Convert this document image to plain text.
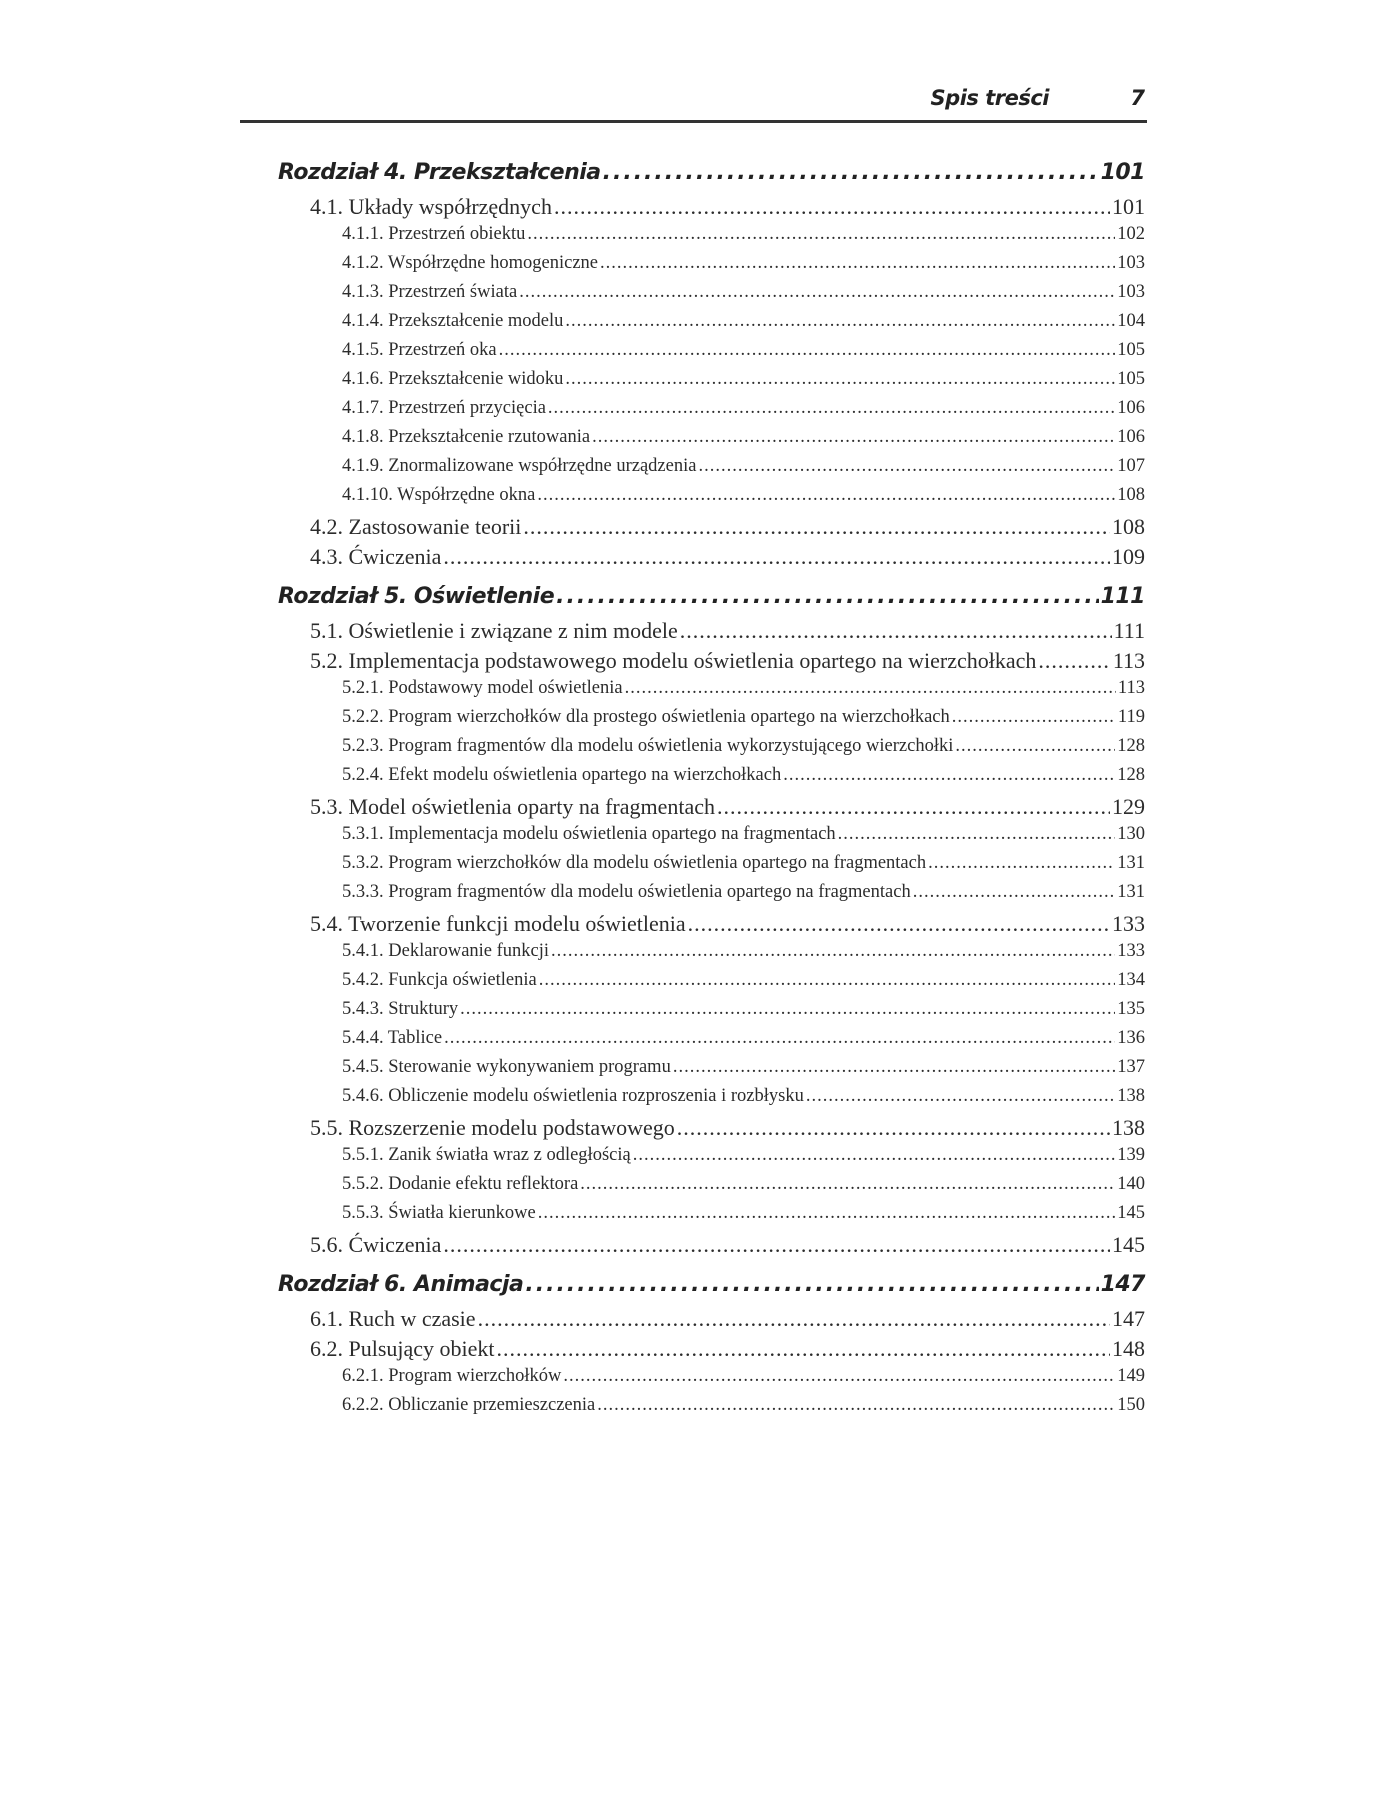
Spis treści	7
Rozdział 4. Przekształcenia .....	101
4.1. Układy współrzędnych .....	101
4.1.1. Przestrzeń obiektu .....	102
4.1.2. Współrzędne homogeniczne .....	103
4.1.3. Przestrzeń świata .....	103
4.1.4. Przekształcenie modelu .....	104
4.1.5. Przestrzeń oka .....	105
4.1.6. Przekształcenie widoku .....	105
4.1.7. Przestrzeń przycięcia .....	106
4.1.8. Przekształcenie rzutowania .....	106
4.1.9. Znormalizowane współrzędne urządzenia .....	107
4.1.10. Współrzędne okna .....	108
4.2. Zastosowanie teorii .....	108
4.3. Ćwiczenia .....	109
Rozdział 5. Oświetlenie .....	111
5.1. Oświetlenie i związane z nim modele .....	111
5.2. Implementacja podstawowego modelu oświetlenia opartego na wierzchołkach .....	113
5.2.1. Podstawowy model oświetlenia .....	113
5.2.2. Program wierzchołków dla prostego oświetlenia opartego na wierzchołkach .....	119
5.2.3. Program fragmentów dla modelu oświetlenia wykorzystującego wierzchołki .....	128
5.2.4. Efekt modelu oświetlenia opartego na wierzchołkach .....	128
5.3. Model oświetlenia oparty na fragmentach .....	129
5.3.1. Implementacja modelu oświetlenia opartego na fragmentach .....	130
5.3.2. Program wierzchołków dla modelu oświetlenia opartego na fragmentach .....	131
5.3.3. Program fragmentów dla modelu oświetlenia opartego na fragmentach .....	131
5.4. Tworzenie funkcji modelu oświetlenia .....	133
5.4.1. Deklarowanie funkcji .....	133
5.4.2. Funkcja oświetlenia .....	134
5.4.3. Struktury .....	135
5.4.4. Tablice .....	136
5.4.5. Sterowanie wykonywaniem programu .....	137
5.4.6. Obliczenie modelu oświetlenia rozproszenia i rozbłysku .....	138
5.5. Rozszerzenie modelu podstawowego .....	138
5.5.1. Zanik światła wraz z odległością .....	139
5.5.2. Dodanie efektu reflektora .....	140
5.5.3. Światła kierunkowe .....	145
5.6. Ćwiczenia .....	145
Rozdział 6. Animacja .....	147
6.1. Ruch w czasie .....	147
6.2. Pulsujący obiekt .....	148
6.2.1. Program wierzchołków .....	149
6.2.2. Obliczanie przemieszczenia .....	150
